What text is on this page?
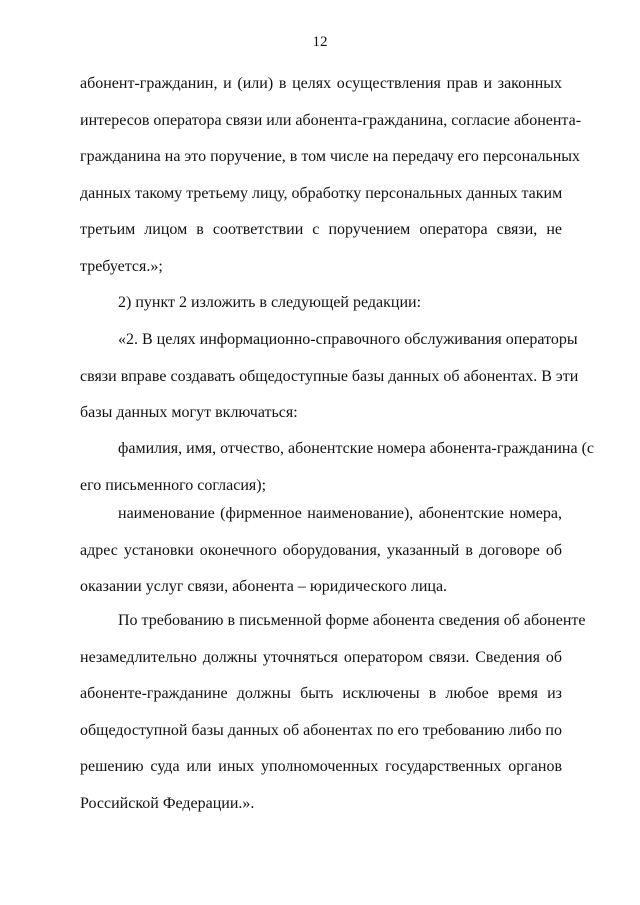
12
абонент-гражданин, и (или) в целях осуществления прав и законных
интересов оператора связи или абонента-гражданина, согласие абонента-
гражданина на это поручение, в том числе на передачу его персональных
данных такому третьему лицу, обработку персональных данных таким
третьим лицом в соответствии с поручением оператора связи, не
требуется.»;
2) пункт 2 изложить в следующей редакции:
«2. В целях информационно-справочного обслуживания операторы
связи вправе создавать общедоступные базы данных об абонентах. В эти
базы данных могут включаться:
фамилия, имя, отчество, абонентские номера абонента-гражданина (с
его письменного согласия);
наименование (фирменное наименование), абонентские номера,
адрес установки оконечного оборудования, указанный в договоре об
оказании услуг связи, абонента – юридического лица.
По требованию в письменной форме абонента сведения об абоненте
незамедлительно должны уточняться оператором связи. Сведения об
абоненте-гражданине должны быть исключены в любое время из
общедоступной базы данных об абонентах по его требованию либо по
решению суда или иных уполномоченных государственных органов
Российской Федерации.».
